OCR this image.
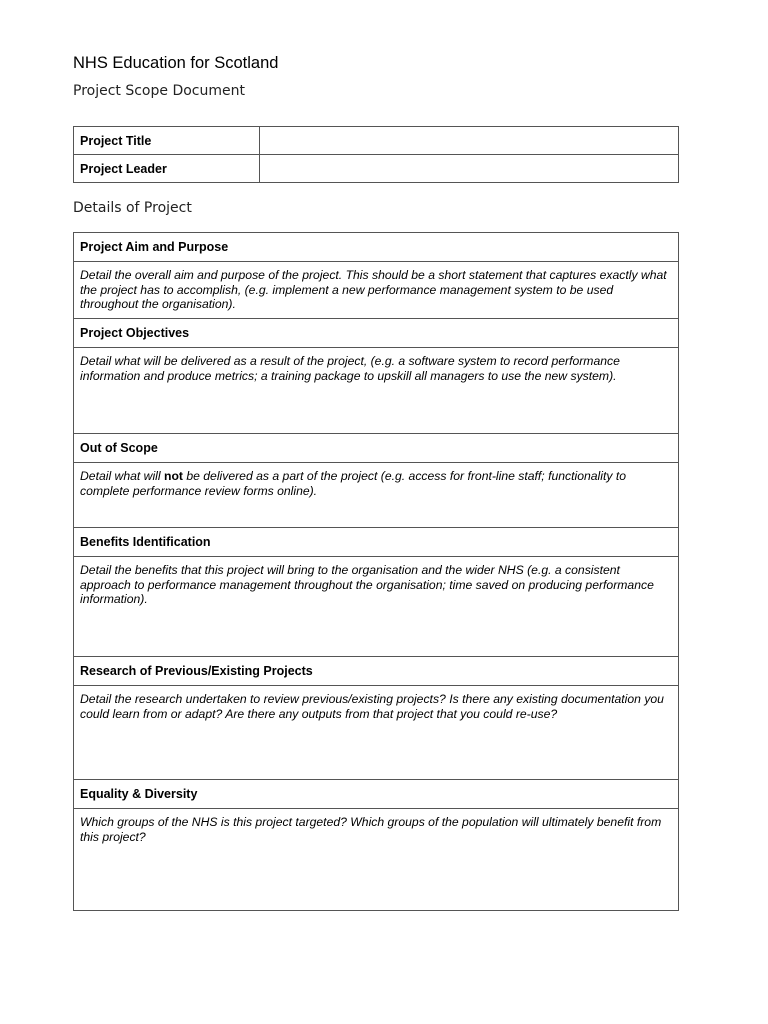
NHS Education for Scotland
Project Scope Document
Project Title	
Project Leader	
Details of Project
Project Aim and Purpose
Detail the overall aim and purpose of the project. This should be a short statement that captures exactly what the project has to accomplish, (e.g. implement a new performance management system to be used throughout the organisation).
Project Objectives
Detail what will be delivered as a result of the project, (e.g. a software system to record performance information and produce metrics; a training package to upskill all managers to use the new system).
Out of Scope
Detail what will not be delivered as a part of the project (e.g. access for front-line staff; functionality to complete performance review forms online).
Benefits Identification
Detail the benefits that this project will bring to the organisation and the wider NHS (e.g. a consistent approach to performance management throughout the organisation; time saved on producing performance information).
Research of Previous/Existing Projects
Detail the research undertaken to review previous/existing projects? Is there any existing documentation you could learn from or adapt? Are there any outputs from that project that you could re-use?
Equality & Diversity
Which groups of the NHS is this project targeted? Which groups of the population will ultimately benefit from this project?
